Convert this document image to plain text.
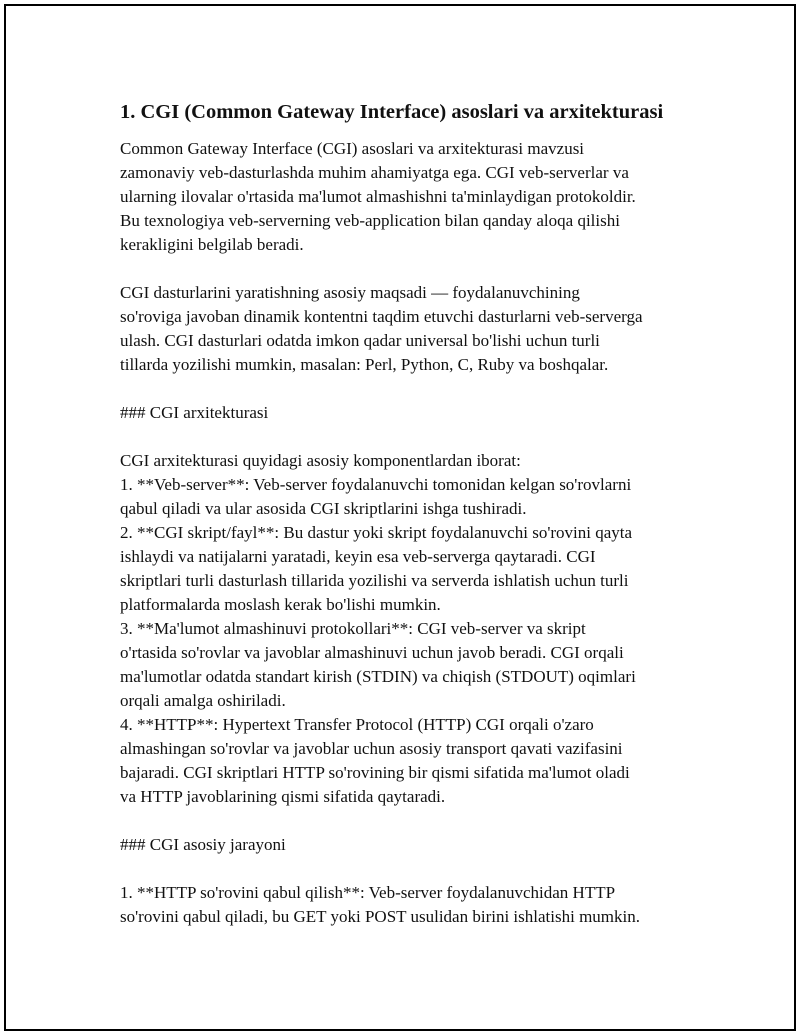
1. CGI (Common Gateway Interface) asoslari va arxitekturasi
Common Gateway Interface (CGI) asoslari va arxitekturasi mavzusi
zamonaviy veb-dasturlashda muhim ahamiyatga ega. CGI veb-serverlar va
ularning ilovalar o'rtasida ma'lumot almashishni ta'minlaydigan protokoldir.
Bu texnologiya veb-serverning veb-application bilan qanday aloqa qilishi
kerakligini belgilab beradi.
CGI dasturlarini yaratishning asosiy maqsadi — foydalanuvchining
so'roviga javoban dinamik kontentni taqdim etuvchi dasturlarni veb-serverga
ulash. CGI dasturlari odatda imkon qadar universal bo'lishi uchun turli
tillarda yozilishi mumkin, masalan: Perl, Python, C, Ruby va boshqalar.
### CGI arxitekturasi
CGI arxitekturasi quyidagi asosiy komponentlardan iborat:
1. **Veb-server**: Veb-server foydalanuvchi tomonidan kelgan so'rovlarni
qabul qiladi va ular asosida CGI skriptlarini ishga tushiradi.
2. **CGI skript/fayl**: Bu dastur yoki skript foydalanuvchi so'rovini qayta
ishlaydi va natijalarni yaratadi, keyin esa veb-serverga qaytaradi. CGI
skriptlari turli dasturlash tillarida yozilishi va serverda ishlatish uchun turli
platformalarda moslash kerak bo'lishi mumkin.
3. **Ma'lumot almashinuvi protokollari**: CGI veb-server va skript
o'rtasida so'rovlar va javoblar almashinuvi uchun javob beradi. CGI orqali
ma'lumotlar odatda standart kirish (STDIN) va chiqish (STDOUT) oqimlari
orqali amalga oshiriladi.
4. **HTTP**: Hypertext Transfer Protocol (HTTP) CGI orqali o'zaro
almashingan so'rovlar va javoblar uchun asosiy transport qavati vazifasini
bajaradi. CGI skriptlari HTTP so'rovining bir qismi sifatida ma'lumot oladi
va HTTP javoblarining qismi sifatida qaytaradi.
### CGI asosiy jarayoni
1. **HTTP so'rovini qabul qilish**: Veb-server foydalanuvchidan HTTP
so'rovini qabul qiladi, bu GET yoki POST usulidan birini ishlatishi mumkin.
